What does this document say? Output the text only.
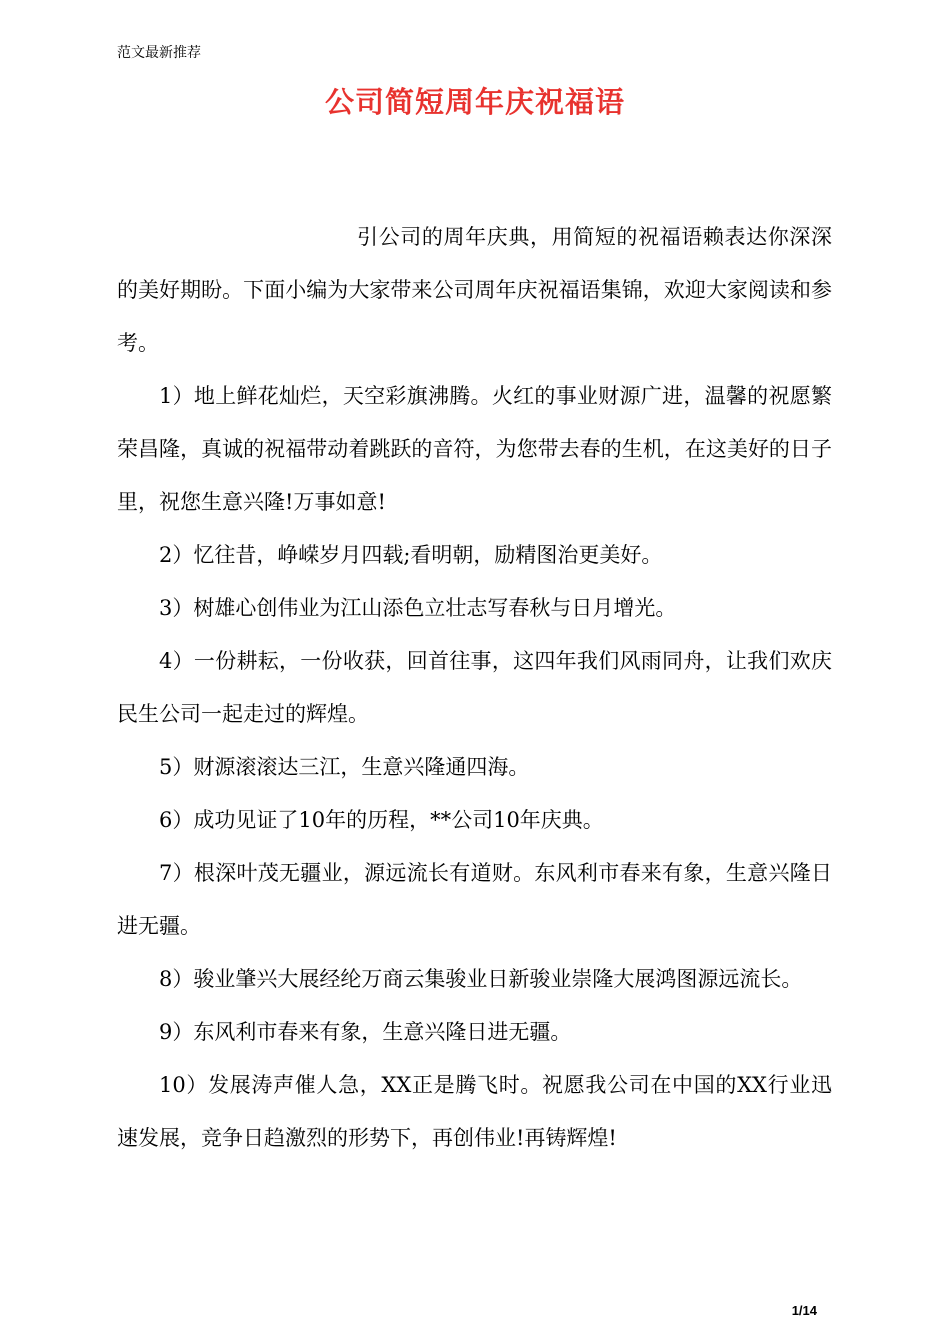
范文最新推荐
公司简短周年庆祝福语

引公司的周年庆典，用简短的祝福语赖表达你深深的美好期盼。下面小编为大家带来公司周年庆祝福语集锦，欢迎大家阅读和参考。

1）地上鲜花灿烂，天空彩旗沸腾。火红的事业财源广进，温馨的祝愿繁荣昌隆，真诚的祝福带动着跳跃的音符，为您带去春的生机，在这美好的日子里，祝您生意兴隆!万事如意!

2）忆往昔，峥嵘岁月四载;看明朝，励精图治更美好。

3）树雄心创伟业为江山添色立壮志写春秋与日月增光。

4）一份耕耘，一份收获，回首往事，这四年我们风雨同舟，让我们欢庆民生公司一起走过的辉煌。

5）财源滚滚达三江，生意兴隆通四海。

6）成功见证了10年的历程，**公司10年庆典。

7）根深叶茂无疆业，源远流长有道财。东风利市春来有象，生意兴隆日进无疆。

8）骏业肇兴大展经纶万商云集骏业日新骏业崇隆大展鸿图源远流长。

9）东风利市春来有象，生意兴隆日进无疆。

10）发展涛声催人急，XX正是腾飞时。祝愿我公司在中国的XX行业迅速发展，竞争日趋激烈的形势下，再创伟业!再铸辉煌!

1/14
